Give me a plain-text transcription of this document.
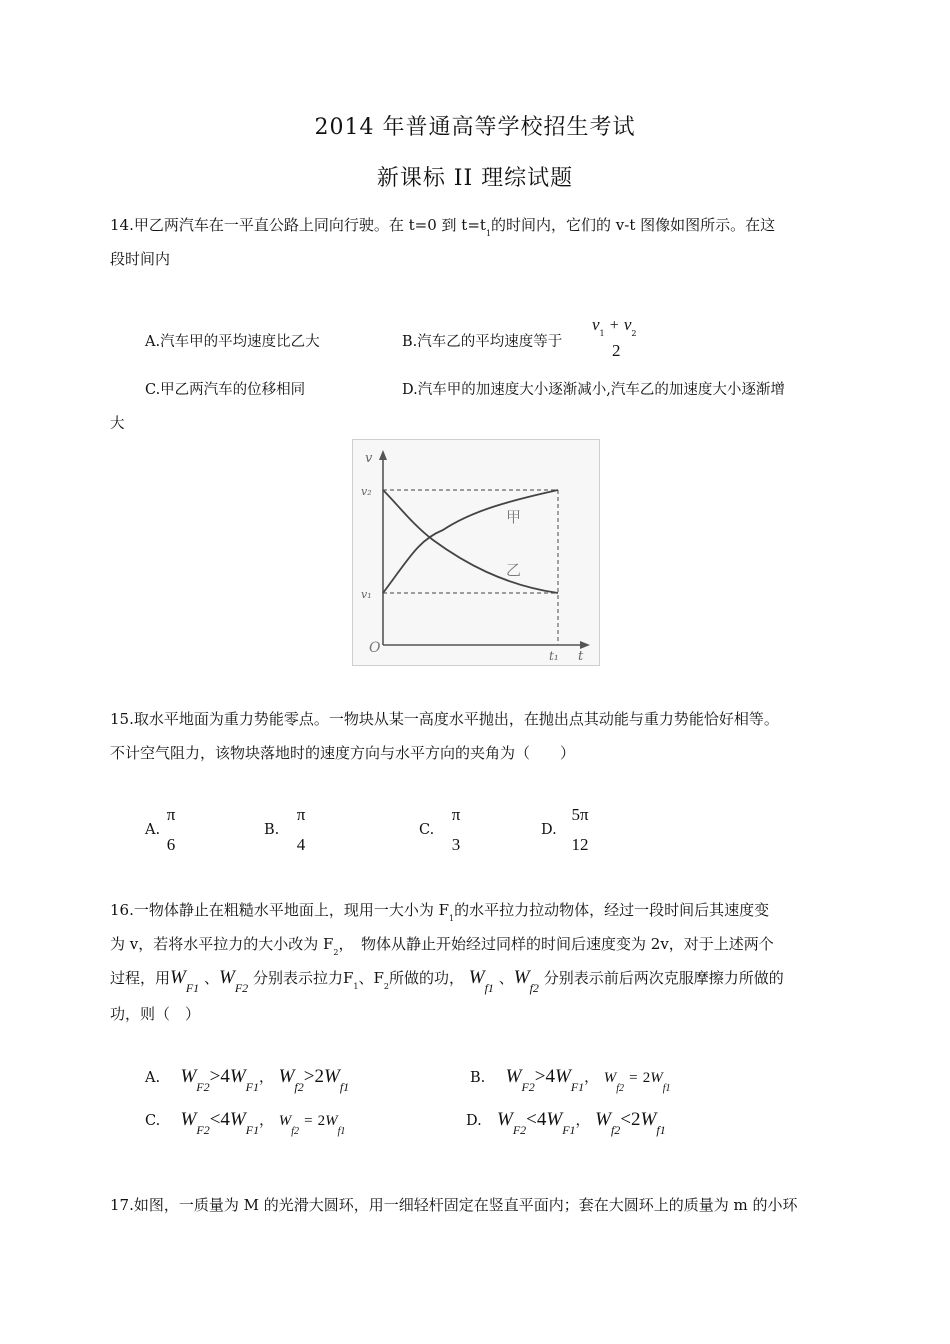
2014 年普通高等学校招生考试
新课标 II 理综试题
14.甲乙两汽车在一平直公路上同向行驶。在 t=0 到 $t=t_1$的时间内，它们的 v-t 图像如图所示。在这
段时间内
A.汽车甲的平均速度比乙大	B.汽车乙的平均速度等于
$v_1 + v_2$
2
C.甲乙两汽车的位移相同	D.汽车甲的加速度大小逐渐减小,汽车乙的加速度大小逐渐增
大
v
v₂
v₁
O	t₁ t
甲
乙
15.取水平地面为重力势能零点。一物块从某一高度水平抛出，在抛出点其动能与重力势能恰好相等。
不计空气阻力，该物块落地时的速度方向与水平方向的夹角为（　　）
A.
π
6
B.
π
4
C.
π
3
D.
5π
12
16.一物体静止在粗糙水平地面上，现用一大小为 $F_1$的水平拉力拉动物体，经过一段时间后其速度变
为 v，若将水平拉力的大小改为 $F_2$，　物体从静止开始经过同样的时间后速度变为 2v，对于上述两个
过程，用$W_{F1}$ 、$W_{F2}$ 分别表示拉力$F_1$、$F_2$所做的功， $W_{f1}$ 、$W_{f2}$ 分别表示前后两次克服摩擦力所做的
功，则（　）
A. $W_{F2}>4W_{F1}$， $W_{f2}>2W_{f1}$
B. $W_{F2}>4W_{F1}$， $W_{f2} = 2W_{f1}$
C. $W_{F2}<4W_{F1}$， $W_{f2} = 2W_{f1}$
D. $W_{F2}<4W_{F1}$， $W_{f2}<2W_{f1}$
17.如图，一质量为 M 的光滑大圆环，用一细轻杆固定在竖直平面内；套在大圆环上的质量为 m 的小环
